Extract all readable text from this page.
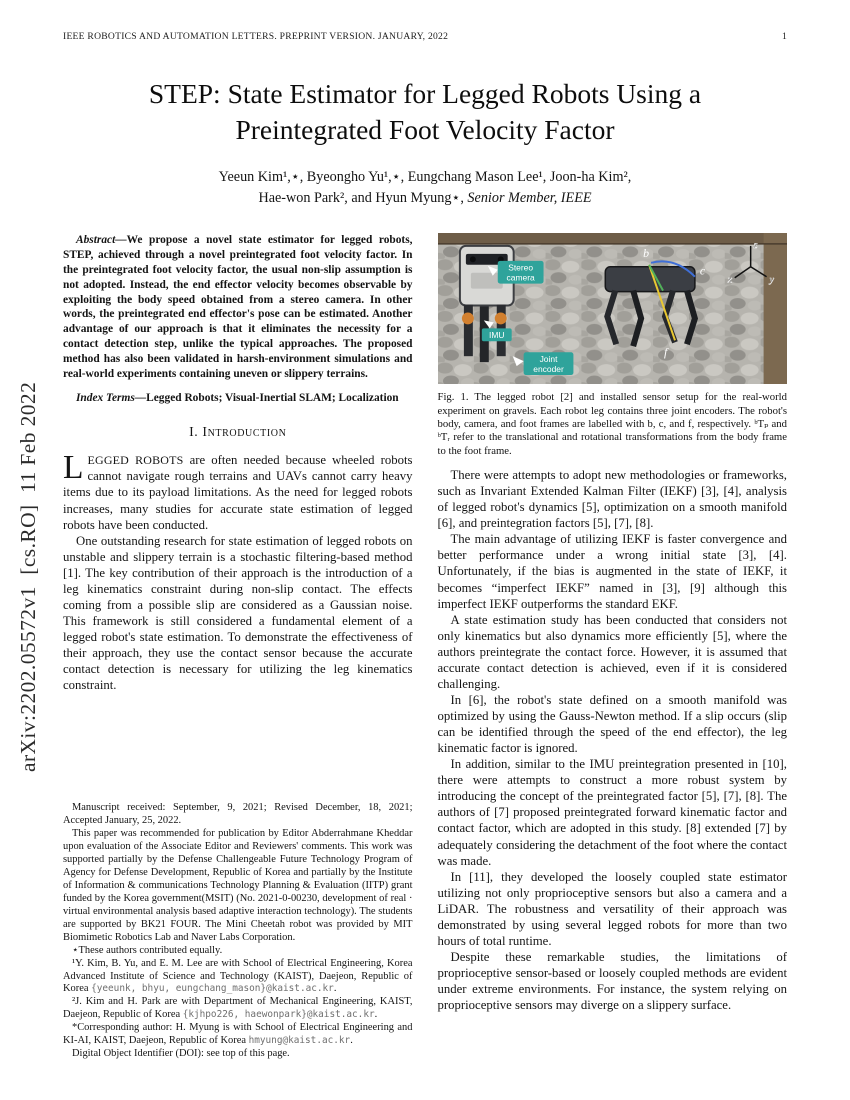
IEEE ROBOTICS AND AUTOMATION LETTERS. PREPRINT VERSION. JANUARY, 2022	1
arXiv:2202.05572v1  [cs.RO]  11 Feb 2022
STEP: State Estimator for Legged Robots Using a Preintegrated Foot Velocity Factor
Yeeun Kim¹,⋆, Byeongho Yu¹,⋆, Eungchang Mason Lee¹, Joon-ha Kim²,
Hae-won Park², and Hyun Myung⋆, Senior Member, IEEE

Abstract—We propose a novel state estimator for legged robots, STEP, achieved through a novel preintegrated foot velocity factor. In the preintegrated foot velocity factor, the usual non-slip assumption is not adopted. Instead, the end effector velocity becomes observable by exploiting the body speed obtained from a stereo camera. In other words, the preintegrated end effector's pose can be estimated. Another advantage of our approach is that it eliminates the necessity for a contact detection step, unlike the typical approaches. The proposed method has also been validated in harsh-environment simulations and real-world experiments containing uneven or slippery terrains.

Index Terms—Legged Robots; Visual-Inertial SLAM; Localization

I. Introduction

LEGGED ROBOTS are often needed because wheeled robots cannot navigate rough terrains and UAVs cannot carry heavy items due to its payload limitations. As the need for legged robots increases, many studies for accurate state estimation of legged robots have been conducted.

One outstanding research for state estimation of legged robots on unstable and slippery terrain is a stochastic filtering-based method [1]. The key contribution of their approach is the introduction of a leg kinematics constraint during non-slip contact. The effects coming from a possible slip are considered as a Gaussian noise. This framework is still considered a fundamental element of a legged robot's state estimation. To demonstrate the effectiveness of their approach, they use the contact sensor because the accurate contact detection is necessary for utilizing the leg kinematics constraint.

Manuscript received: September, 9, 2021; Revised December, 18, 2021; Accepted January, 25, 2022.

This paper was recommended for publication by Editor Abderrahmane Kheddar upon evaluation of the Associate Editor and Reviewers' comments. This work was supported partially by the Defense Challengeable Future Technology Program of Agency for Defense Development, Republic of Korea and partially by the Institute of Information & communications Technology Planning & Evaluation (IITP) grant funded by the Korea government(MSIT) (No. 2021-0-00230, development of real · virtual environmental analysis based adaptive interaction technology). The students are supported by BK21 FOUR. The Mini Cheetah robot was provided by MIT Biomimetic Robotics Lab and Naver Labs Corporation.

⋆These authors contributed equally.

¹Y. Kim, B. Yu, and E. M. Lee are with School of Electrical Engineering, Korea Advanced Institute of Science and Technology (KAIST), Daejeon, Republic of Korea {yeeunk, bhyu, eungchang_mason}@kaist.ac.kr.

²J. Kim and H. Park are with Department of Mechanical Engineering, KAIST, Daejeon, Republic of Korea {kjhpo226, haewonpark}@kaist.ac.kr.

*Corresponding author: H. Myung is with School of Electrical Engineering and KI-AI, KAIST, Daejeon, Republic of Korea hmyung@kaist.ac.kr.

Digital Object Identifier (DOI): see top of this page.

b
c
f
z
x	y
Stereo
camera
IMU
Joint
encoder
Fig. 1. The legged robot [2] and installed sensor setup for the real-world experiment on gravels. Each robot leg contains three joint encoders. The robot's body, camera, and foot frames are labelled with b, c, and f, respectively. ᵇTₚ and ᵇTᵣ refer to the translational and rotational transformations from the body frame to the foot frame.

There were attempts to adopt new methodologies or frameworks, such as Invariant Extended Kalman Filter (IEKF) [3], [4], analysis of legged robot's dynamics [5], optimization on a smooth manifold [6], and preintegration factors [5], [7], [8].

The main advantage of utilizing IEKF is faster convergence and better performance under a wrong initial state [3], [4]. Unfortunately, if the bias is augmented in the state of IEKF, it becomes “imperfect IEKF” named in [3], [9] although this imperfect IEKF outperforms the standard EKF.

A state estimation study has been conducted that considers not only kinematics but also dynamics more efficiently [5], where the authors preintegrate the contact force. However, it is assumed that accurate contact detection is achieved, even if it is considered challenging.

In [6], the robot's state defined on a smooth manifold was optimized by using the Gauss-Newton method. If a slip occurs (slip can be identified through the speed of the end effector), the leg kinematic factor is ignored.

In addition, similar to the IMU preintegration presented in [10], there were attempts to construct a more robust system by introducing the concept of the preintegrated factor [5], [7], [8]. The authors of [7] proposed preintegrated forward kinematic factor and contact factor, which are adopted in this study. [8] extended [7] by adequately considering the detachment of the foot where the contact was made.

In [11], they developed the loosely coupled state estimator utilizing not only proprioceptive sensors but also a camera and a LiDAR. The robustness and versatility of their approach was demonstrated by using several legged robots for more than two hours of total runtime.

Despite these remarkable studies, the limitations of proprioceptive sensor-based or loosely coupled methods are evident under extreme environments. For instance, the system relying on proprioceptive sensors may diverge on a slippery surface.
